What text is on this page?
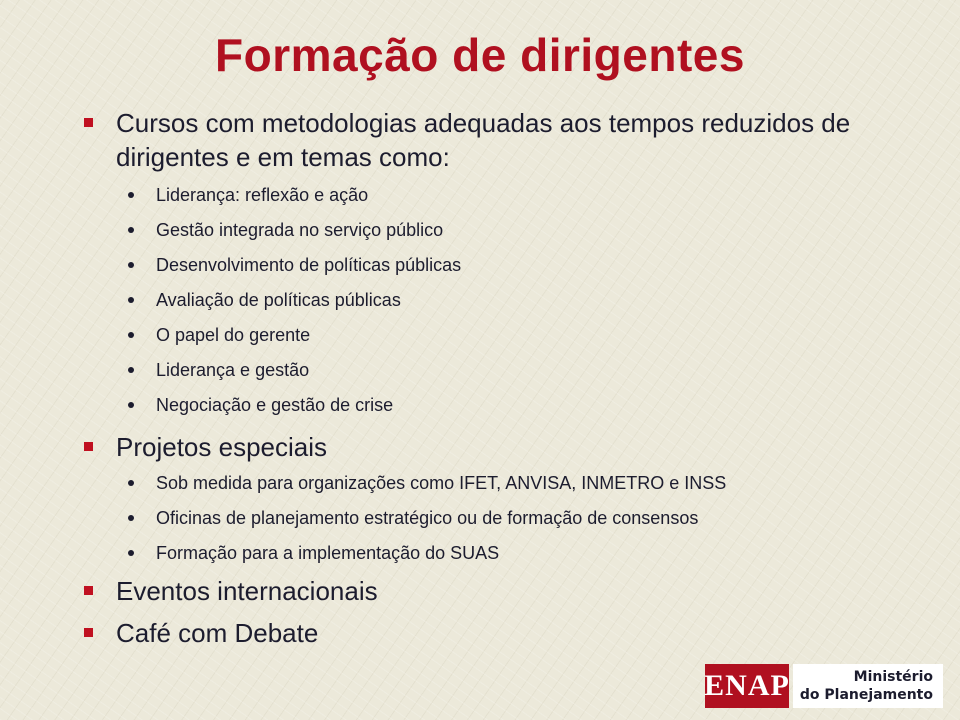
Formação de dirigentes
Cursos com metodologias adequadas aos tempos reduzidos de dirigentes e em temas como:
Liderança: reflexão e ação
Gestão integrada no serviço público
Desenvolvimento de políticas públicas
Avaliação de políticas públicas
O papel do gerente
Liderança e gestão
Negociação e gestão de crise
Projetos especiais
Sob medida para organizações como IFET, ANVISA, INMETRO e INSS
Oficinas de planejamento estratégico ou de formação de consensos
Formação para a implementação do SUAS
Eventos internacionais
Café com Debate
ENAP	Ministério
do Planejamento
